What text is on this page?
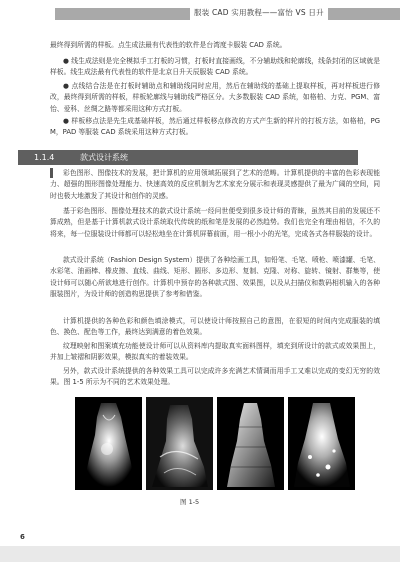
服装 CAD 实用教程——富怡 VS 日升

最终得到所需的样板。点生成法最有代表性的软件是台湾度卡服装 CAD 系统。

● 线生成法则是完全模拟手工打板的习惯，打板时直接画线，不分辅助线和轮廓线，线条封闭的区域就是样板。线生成法最有代表性的软件是北京日升天辰服装 CAD 系统。

● 点线结合法是在打板时辅助点和辅助线同时应用，然后在辅助线的基础上提取样板，再对样板进行修改，最终得到所需的样板，样板轮廓线与辅助线严格区分。大多数服装 CAD 系统，如格柏、力克、PGM、富怡、爱科、丝绸之路等都采用这种方式打板。

● 样板移点法是先生成基础样板，然后通过样板移点修改的方式产生新的样片的打板方法，如格柏，PGM，PAD 等服装 CAD 系统采用这种方式打板。

1.1.4	款式设计系统

彩色图形、图像技术的发展，把计算机的应用领域拓展到了艺术的范畴。计算机提供的丰富的色彩表现能力、超强的图形图像处理能力、快速高效的反应机制为艺术家充分展示和表现灵感提供了最为广阔的空间，同时也极大地激发了其设计和创作的灵感。

基于彩色图形、图像处理技术的款式设计系统一经问世便受到很多设计师的青睐，虽然其目前的发展还不算成熟，但是基于计算机款式设计系统取代传统的纸和笔是发展的必然趋势。我们也完全有理由相信，不久的将来，每一位服装设计师都可以轻松地坐在计算机屏幕前面，用一根小小的光笔，完成各式各样服装的设计。

款式设计系统（Fashion Design System）提供了各种绘画工具，如铅笔、毛笔、喷枪、喷漆罐、毛笔、水彩笔、油画棒、橡皮擦、直线、曲线、矩形、圆形、多边形、复制、克隆、对称、旋转、镜射、群集等，使设计师可以随心所欲地进行创作。计算机中预存的各种款式图、效果图，以及从扫描仪和数码相机输入的各种服装图片，为设计师的创造构思提供了参考和借鉴。

计算机提供的各种色彩和颜色填涂模式，可以使设计师按照自己的意图，在很短的时间内完成服装的填色、换色、配色等工作，最终达到满意的着色效果。

纹理映射和图案填充功能使设计师可以从资料库内提取真实面料图样，填充到所设计的款式或效果图上，并加上皱褶和阴影效果，模拟真实的着装效果。

另外，款式设计系统提供的各种效果工具可以完成许多充满艺术情调而用手工又难以完成的变幻无穷的效果。图 1-5 所示为不同的艺术效果处理。

图 1-5
6
